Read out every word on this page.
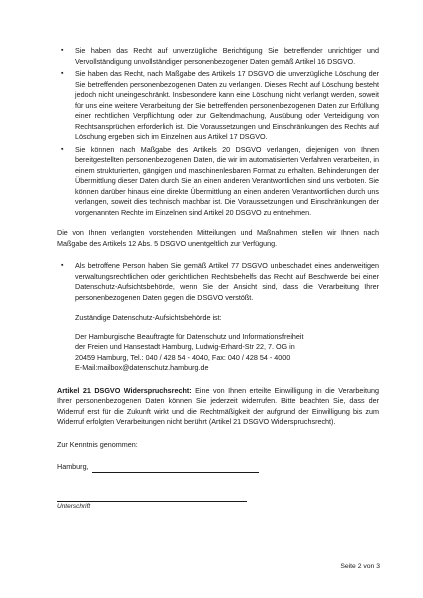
▪ Sie haben das Recht auf unverzügliche Berichtigung Sie betreffender unrichtiger und Vervollständigung unvollständiger personenbezogener Daten gemäß Artikel 16 DSGVO.
▪ Sie haben das Recht, nach Maßgabe des Artikels 17 DSGVO die unverzügliche Löschung der Sie betreffenden personenbezogenen Daten zu verlangen. Dieses Recht auf Löschung besteht jedoch nicht uneingeschränkt. Insbesondere kann eine Löschung nicht verlangt werden, soweit für uns eine weitere Verarbeitung der Sie betreffenden personenbezogenen Daten zur Erfüllung einer rechtlichen Verpflichtung oder zur Geltendmachung, Ausübung oder Verteidigung von Rechtsansprüchen erforderlich ist. Die Voraussetzungen und Einschränkungen des Rechts auf Löschung ergeben sich im Einzelnen aus Artikel 17 DSGVO.
▪ Sie können nach Maßgabe des Artikels 20 DSGVO verlangen, diejenigen von Ihnen bereitgestellten personenbezogenen Daten, die wir im automatisierten Verfahren verarbeiten, in einem strukturierten, gängigen und maschinenlesbaren Format zu erhalten. Behinderungen der Übermittlung dieser Daten durch Sie an einen anderen Verantwortlichen sind uns verboten. Sie können darüber hinaus eine direkte Übermittlung an einen anderen Verantwortlichen durch uns verlangen, soweit dies technisch machbar ist. Die Voraussetzungen und Einschränkungen der vorgenannten Rechte im Einzelnen sind Artikel 20 DSGVO zu entnehmen.

Die von Ihnen verlangten vorstehenden Mitteilungen und Maßnahmen stellen wir Ihnen nach Maßgabe des Artikels 12 Abs. 5 DSGVO unentgeltlich zur Verfügung.

▪ Als betroffene Person haben Sie gemäß Artikel 77 DSGVO unbeschadet eines anderweitigen verwaltungsrechtlichen oder gerichtlichen Rechtsbehelfs das Recht auf Beschwerde bei einer Datenschutz-Aufsichtsbehörde, wenn Sie der Ansicht sind, dass die Verarbeitung Ihrer personenbezogenen Daten gegen die DSGVO verstößt.

Zuständige Datenschutz-Aufsichtsbehörde ist:

Der Hamburgische Beauftragte für Datenschutz und Informationsfreiheit

der Freien und Hansestadt Hamburg, Ludwig-Erhard-Str 22, 7. OG in

20459 Hamburg, Tel.: 040 / 428 54 - 4040, Fax: 040 / 428 54 - 4000

E-Mail:mailbox@datenschutz.hamburg.de

Artikel 21 DSGVO Widerspruchsrecht: Eine von Ihnen erteilte Einwilligung in die Verarbeitung Ihrer personenbezogenen Daten können Sie jederzeit widerrufen. Bitte beachten Sie, dass der Widerruf erst für die Zukunft wirkt und die Rechtmäßigkeit der aufgrund der Einwilligung bis zum Widerruf erfolgten Verarbeitungen nicht berührt (Artikel 21 DSGVO Widerspruchsrecht).

Zur Kenntnis genommen:

Hamburg,
Unterschrift
Seite 2 von 3
